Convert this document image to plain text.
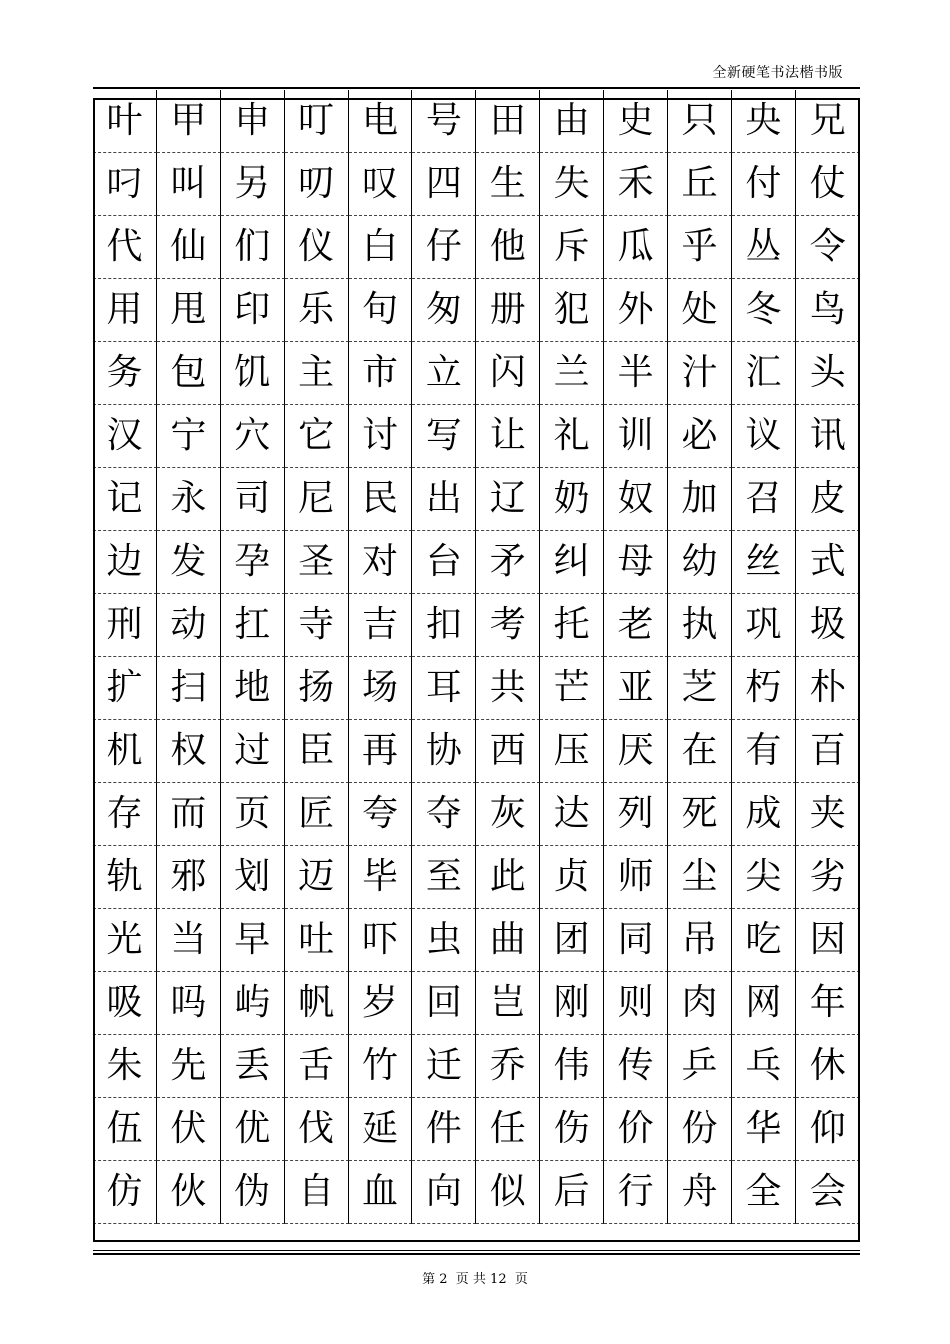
全新硬笔书法楷书版
叶 甲 申 叮 电 号 田 由 史 只 央 兄
叼 叫 另 叨 叹 四 生 失 禾 丘 付 仗
代 仙 们 仪 白 仔 他 斥 瓜 乎 丛 令
用 甩 印 乐 句 匆 册 犯 外 处 冬 鸟
务 包 饥 主 市 立 闪 兰 半 汁 汇 头
汉 宁 穴 它 讨 写 让 礼 训 必 议 讯
记 永 司 尼 民 出 辽 奶 奴 加 召 皮
边 发 孕 圣 对 台 矛 纠 母 幼 丝 式
刑 动 扛 寺 吉 扣 考 托 老 执 巩 圾
扩 扫 地 扬 场 耳 共 芒 亚 芝 朽 朴
机 权 过 臣 再 协 西 压 厌 在 有 百
存 而 页 匠 夸 夺 灰 达 列 死 成 夹
轨 邪 划 迈 毕 至 此 贞 师 尘 尖 劣
光 当 早 吐 吓 虫 曲 团 同 吊 吃 因
吸 吗 屿 帆 岁 回 岂 刚 则 肉 网 年
朱 先 丢 舌 竹 迁 乔 伟 传 乒 乓 休
伍 伏 优 伐 延 件 任 伤 价 份 华 仰
仿 伙 伪 自 血 向 似 后 行 舟 全 会
第 2  页 共 12  页
